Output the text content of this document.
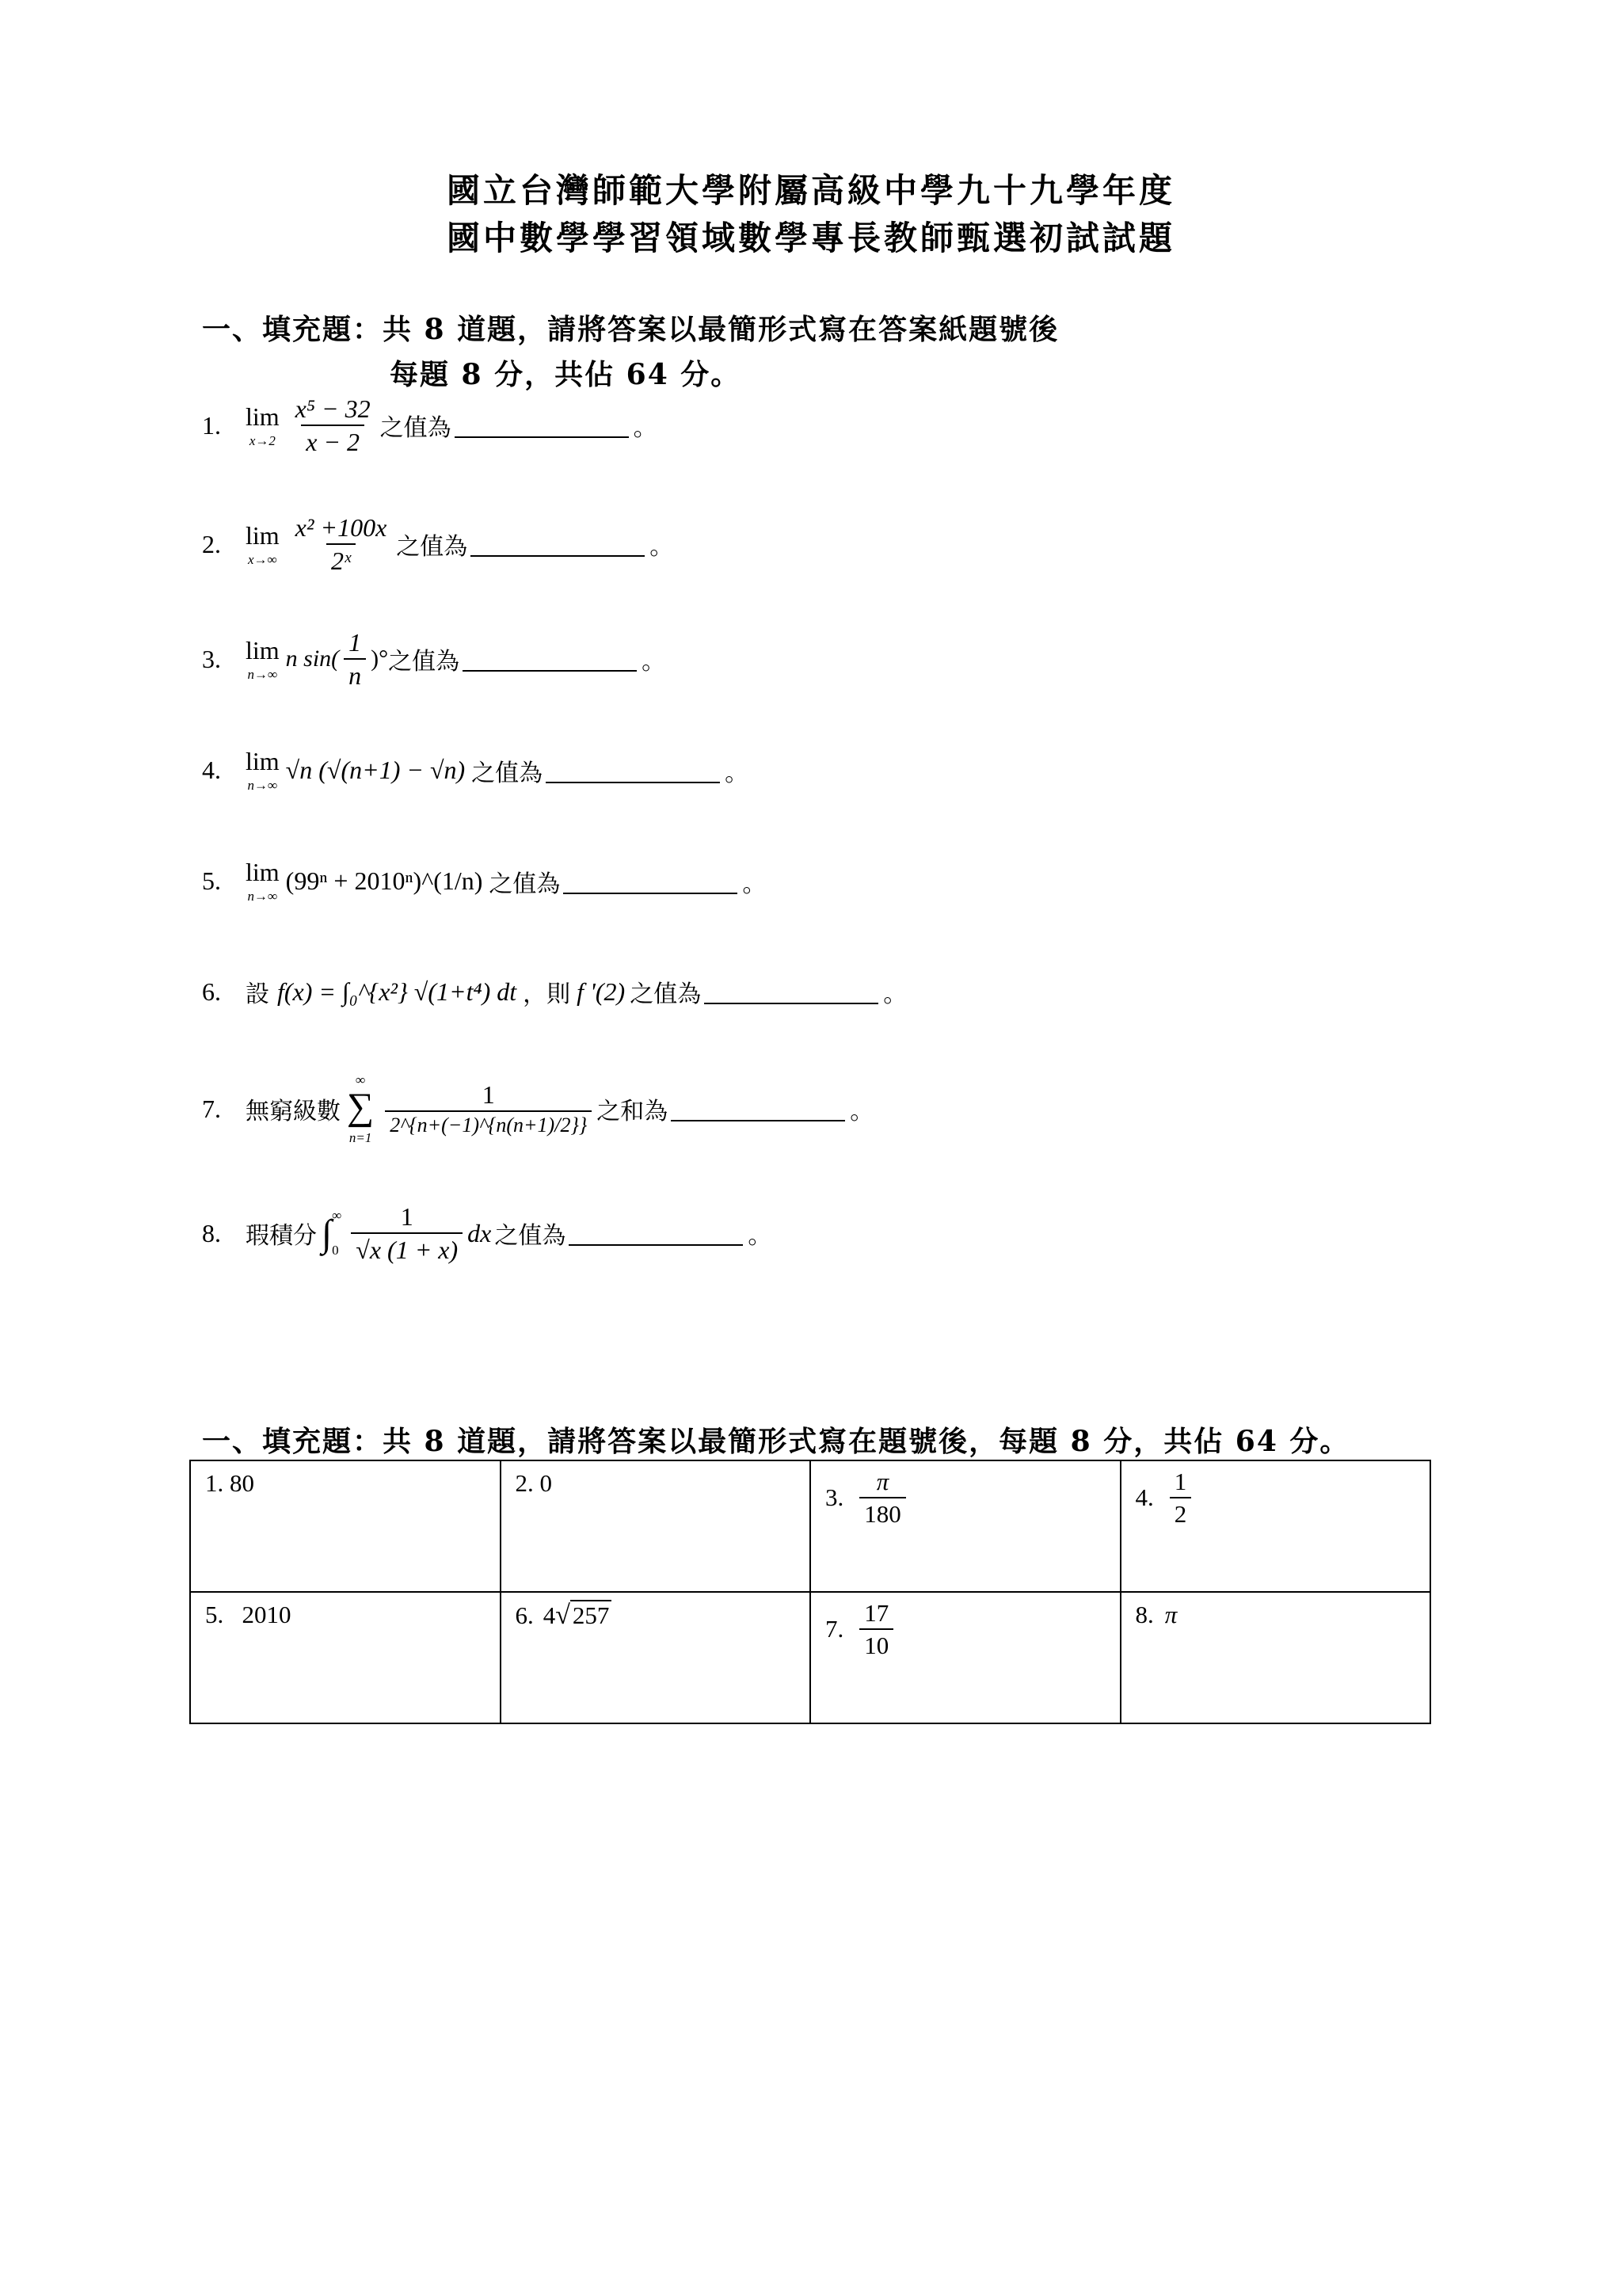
國立台灣師範大學附屬高級中學九十九學年度
國中數學學習領域數學專長教師甄選初試試題
一、填充題：共 8 道題，請將答案以最簡形式寫在答案紙題號後
每題 8 分，共佔 64 分。
1. lim
$x\to 2 \frac{\text{x⁵ − 32}}{x - 2}$ 之值為	。
2. lim
$x\to\infty \frac{\text{x² +100x}}{\text{2ˣ}}$ 之值為	。
3. lim
n→∞
n $\sin( \frac{1}{n}$ )° 之值為	。
4. lim
n→∞
√n (√(n+1) − √n) 之值為	。
5. lim
n→∞
(99ⁿ + 2010ⁿ)^(1/n) 之值為	。
6.	設 f(x) = ∫₀^{x²} √(1+t⁴) dt ，則 f '(2) 之值為	。
7.	無窮級數
∞
∑
n=1
$\frac{1}{2\^{}\{n+(-1)\^{}\{n(n+1)/2\}\}}$ 之和為	。
8.	瑕積分 ∫ ∞
$0 \frac{1}{√x (1 + x)}$ dx 之值為	。
一、填充題：共 8 道題，請將答案以最簡形式寫在題號後，每題 8 分，共佔 64 分。
1. 80	2. 0	3. $\frac{\pi}{180}$	4. $\frac{1}{2}$

5.   2010	6. 4√257	7. $\frac{17}{10}$	8. π
